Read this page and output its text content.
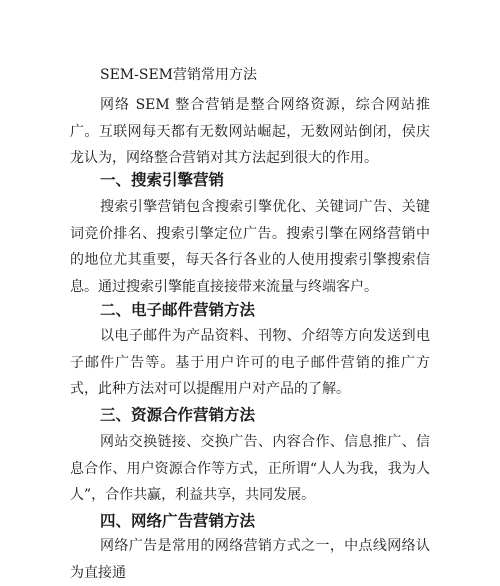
SEM-SEM营销常用方法
网络 SEM 整合营销是整合网络资源，综合网站推广。互联网每天都有无数网站崛起，无数网站倒闭，侯庆龙认为，网络整合营销对其方法起到很大的作用。
一、搜索引擎营销
搜索引擎营销包含搜索引擎优化、关键词广告、关键词竞价排名、搜索引擎定位广告。搜索引擎在网络营销中的地位尤其重要，每天各行各业的人使用搜索引擎搜索信息。通过搜索引擎能直接接带来流量与终端客户。
二、电子邮件营销方法
以电子邮件为产品资料、刊物、介绍等方向发送到电子邮件广告等。基于用户许可的电子邮件营销的推广方式，此种方法对可以提醒用户对产品的了解。
三、资源合作营销方法
网站交换链接、交换广告、内容合作、信息推广、信息合作、用户资源合作等方式，正所谓“人人为我，我为人人”，合作共赢，利益共享，共同发展。
四、网络广告营销方法
网络广告是常用的网络营销方式之一，中点线网络认为直接通
